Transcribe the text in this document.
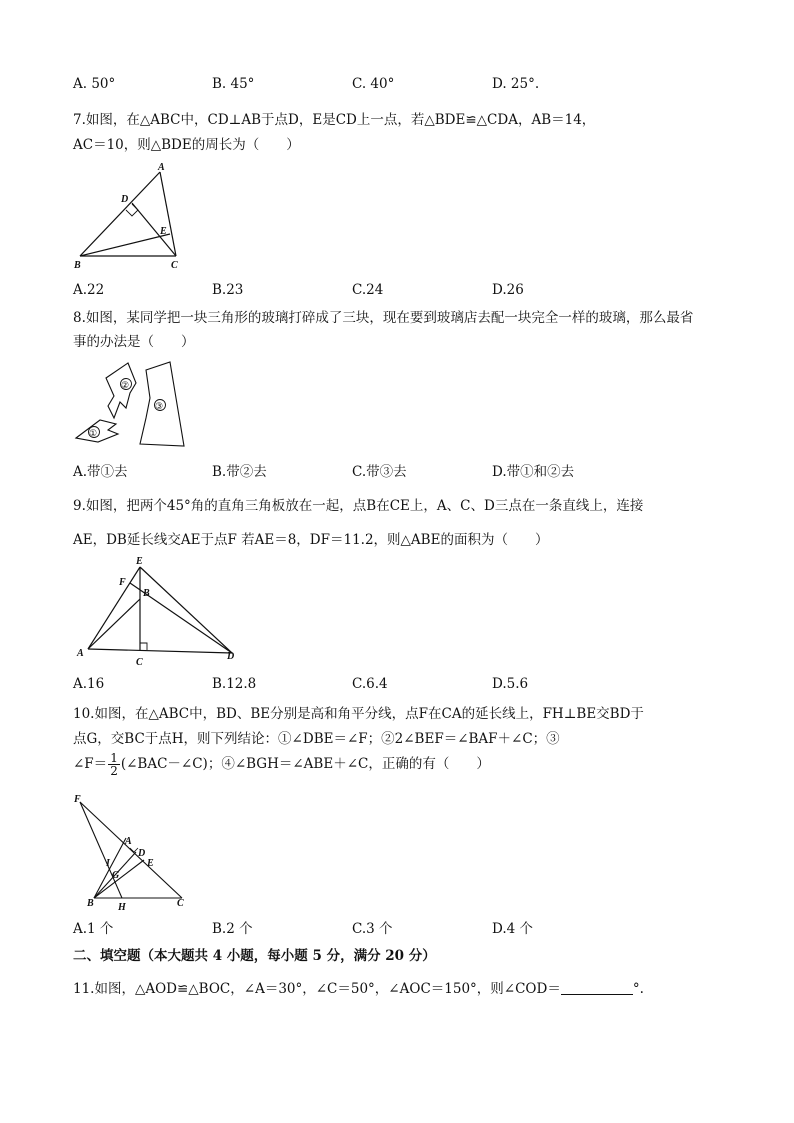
A. 50°	B. 45°	C. 40°	D. 25°.
7.如图，在△ABC中，CD⊥AB于点D，E是CD上一点，若△BDE≌△CDA，AB＝14，
AC＝10，则△BDE的周长为（　　）
A
D
E
B	C
A.22	B.23	C.24	D.26
8.如图，某同学把一块三角形的玻璃打碎成了三块，现在要到玻璃店去配一块完全一样的玻璃，那么最省
事的办法是（　　）
①
②
③
A.带①去	B.带②去	C.带③去	D.带①和②去
9.如图，把两个45°角的直角三角板放在一起，点B在CE上，A、C、D三点在一条直线上，连接
AE，DB延长线交AE于点F 若AE＝8，DF＝11.2，则△ABE的面积为（　　）
E
F
B
A
C
D
A.16	B.12.8	C.6.4	D.5.6
10.如图，在△ABC中，BD、BE分别是高和角平分线，点F在CA的延长线上，FH⊥BE交BD于
点G，交BC于点H，则下列结论：①∠DBE＝∠F；②2∠BEF＝∠BAF＋∠C；③
∠F＝ $\frac{1}{2}$ (∠BAC－∠C)；④∠BGH＝∠ABE＋∠C，正确的有（　　）
F
A
D
I	E
G
B H	C
A.1 个	B.2 个	C.3 个	D.4 个
二、填空题（本大题共 4 小题，每小题 5 分，满分 20 分）
11.如图，△AOD≌△BOC，∠A＝30°，∠C＝50°，∠AOC＝150°，则∠COD＝	°.
